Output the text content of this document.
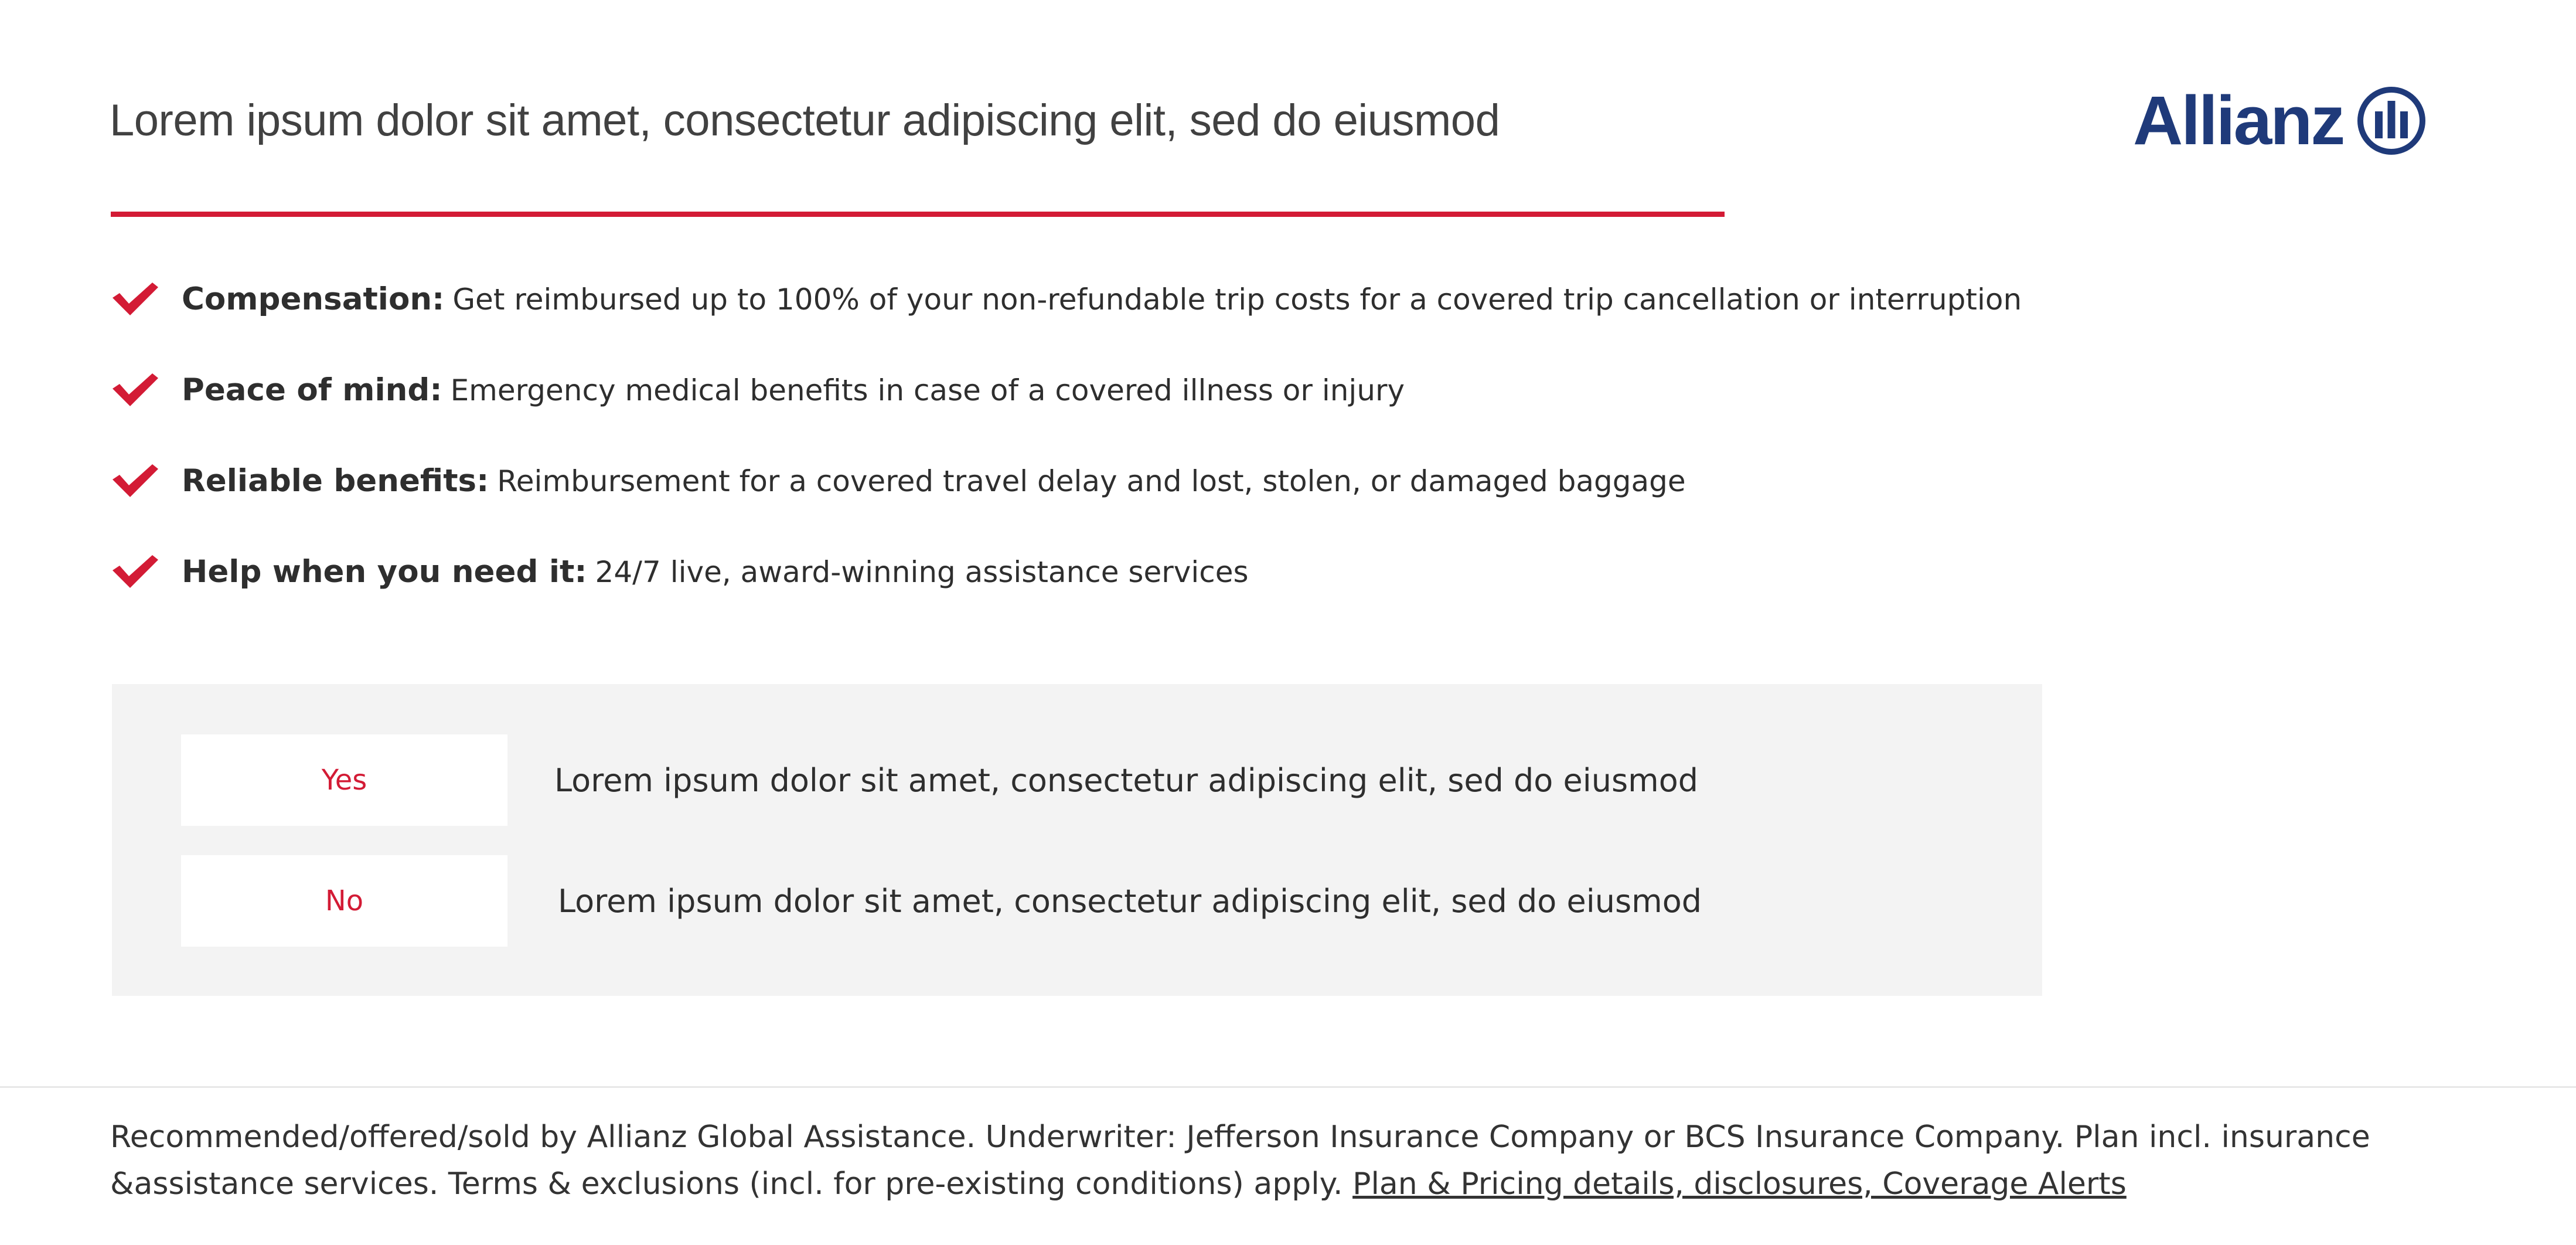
Lorem ipsum dolor sit amet, consectetur adipiscing elit, sed do eiusmod	Allianz
Compensation: Get reimbursed up to 100% of your non-refundable trip costs for a covered trip cancellation or interruption
Peace of mind: Emergency medical benefits in case of a covered illness or injury
Reliable benefits: Reimbursement for a covered travel delay and lost, stolen, or damaged baggage
Help when you need it: 24/7 live, award-winning assistance services
Yes	Lorem ipsum dolor sit amet, consectetur adipiscing elit, sed do eiusmod
No	Lorem ipsum dolor sit amet, consectetur adipiscing elit, sed do eiusmod

Recommended/offered/sold by Allianz Global Assistance. Underwriter: Jefferson Insurance Company or BCS Insurance Company. Plan incl. insurance &assistance services. Terms & exclusions (incl. for pre-existing conditions) apply. Plan & Pricing details, disclosures, Coverage Alerts
